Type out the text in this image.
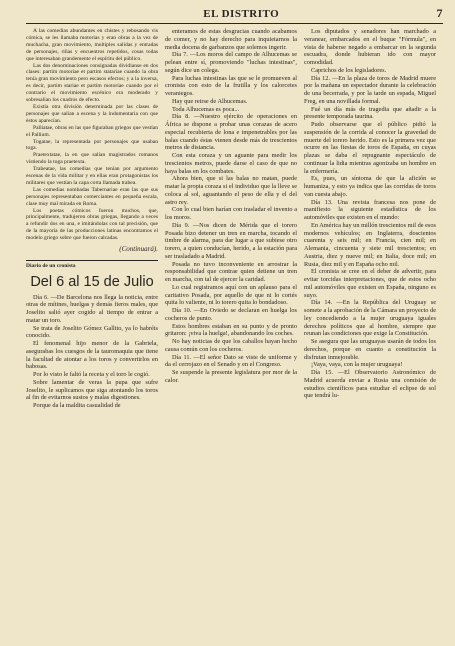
EL DISTRITO	7

A las comedias abundantes en chistes y rebosando vis cómica, se les llamaba motorias y eran obras a la vez de muchacha, gran movimiento, multiples salidas y entradas de personajes, riñas y encuentros repetidos, cosas todas que interesaban grandemente el espíritu del público.

Las dos denominaciones consignadas dividianse en dos clases: partim motoriae et partim statariae cuando la obra tenía gran movimiento pero escasos efectos; y a la inversa, es decir, partim stariae et partim motoriae cuando por el contrario el movimiento escénico era moderado y sobresalían los cuadros de efecto.

Existía otra división determinada por las clases de personajes que salían a escena y la indumentaria con que éstos aparecían.

Palliatae, obras en las que figuraban griegos que vestían el Pallium.

Togatae, la representada por personajes que usaban toga.

Praetextatae, la en que salían magistrados romanos vistiendo la toga praetexta.

Trabeatae, las comedias que tenían por argumento escenas de la vida militar y en ellas eran protagonistas los militares que vestían la capa corta llamada trabea.

Las comedias nombadas Tabernariae eran las que sus personajes representaban comerciantes en pequeña escala, clase muy mal mirada en Roma.

Los poetas cómicos fueron muchos, que, principalmente, tradujeron obras griegas, llegando a veces a refundir dos en una, e imitándolas con tal precisión, que de la mayoría de las producciones latinas encontramos el modelo griego sobre que fueron calcadas.

(Continuará).
Diario de un cronista
Del 6 al 15 de Julio

Día 6. —De Barcelona nos llega la noticia, entre otras de mítines, huelgas y demás fieros males, que Joselito salió ayer cogido al tiempo de entrar a matar un toro.

Se trata de Joselito Gómez Gallito, ya lo habréis conocido.

El fenomenal hijo menor de la Gabriela, asegurabas los cuesgos de la tauromaquia que tiene la facultad de atontar a los toros y convertirlos en babosas.

Por lo visto le faltó la receta y el toro le cogió.

Sobre lamentar de veras la pupa que sufre Joselito, le suplicamos que siga atontando los toros al fin de evitarnos sustos y malas digestiones.

Porque da la maldita casualidad de

enteramos de estas desgracias cuando acabamos de comer, y no hay derecho para inquietarnos la media docena de garbanzos que solemos ingerir.

Día 7. —Los moros del campo de Alhucemas se pelean entre sí, promoviendo "luchas intestinas", según dice un colega.

Para luchas intestinas las que se le promueven al cronista con esto de la frutilla y los calorcetes veraniegos.

Hay que reirse de Alhucemas.

Toda Alhucemas es poca...

Día 8. —Nuestro ejército de operaciones en África se dispone a probar unas corazas de acero especial recubierta de lona e impenetrables por las balas cuando éstas vienen desde más de trescientos metros de distancia.

Con esta coraza y un aguante para medir los trescientos metros, puede darse el caso de que no haya balas en los combates.

Ahora bien, que si las balas no matan, puede matar la propia coraza si el individuo que la lleve se coloca al sol, aguantando el peso de ella y el del astro rey.

Con lo cual bien harían con trasladar el invento a los moros.

Día 9. —Nos dicen de Mérida que el torero Posada bizo detener un tren en marcha, tocando el timbre de alarma, para dar lugar a que subiese otro torero, a quien conducían, herido, a la estación para ser trasladado a Madrid.

Posada no tuvo inconveniente en arrostrar la responsabilidad que contrae quien detiene un tren en marcha, con tal de ejercer la caridad.

Lo cual registramos aquí con un aplauso para el caritativo Posada, por aquello de que ni lo cortés quita lo valiente, ni lo torero quita lo bondadoso.

Día 10. —En Oviedo se declaran en huelga los cocheros de punto.

Estos hombres estaban en su punto y de pronto gritaron: ¡viva la huelga!, abandonando los coches.

No hay noticias de que los caballos hayan hecho causa común con los cocheros.

Día 11. —El señor Dato se viste de uniforme y da el cerrojazo en el Senado y en el Congreso.

Se suspende la presente legislatura por mor de la calor.

Los diputados y senadores han marchado a veranear, embarcados en el buque "Fórmula", en vista de haberse negado a embarcar en la segunda escuadra, donde hubieran ido con mayor comodidad.

Caprichos de los legisladores.

Día 12. —En la plaza de toros de Madrid muere por la mañana un espectador durante la celebración de una becerrada, y por la tarde un espada, Miguel Freg, en una novillada formal.

Fué un día más de tragedia que añadir a la presente temporada taurina.

Pudo observarse que el público pidió la suspensión de la corrida al conocer la gravedad de muerte del torero herido. Esto es la primera vez que ocurre en las fiestas de toros de España, en cuyas plazas se daba el repugnante espectáculo de continuar la lidia mientras agonizaba un hombre en la enfermería.

Es, pues, un síntoma de que la afición se humaniza, y esto ya indica que las corridas de toros van cuesta abajo.

Día 13. Una revista francesa nos pone de manifiesto la siguiente estadística de los automóviles que existen en el mundo:

En América hay un millón trescientos mil de esos modernos vehículos; en Inglaterra, doscientos cuarenta y seis mil; en Francia, cien mil; en Alemania, cincuenta y siete mil trescientos; en Austria, diez y nueve mil; en Italia, doce mil; en Rusia, diez mil y en España ocho mil.

El cronista se cree en el deber de advertir, para evitar torcidas interpretaciones, que de estos ocho mil automóviles que existen en España, ninguno es suyo.

Día 14. —En la República del Uruguay se somete a la aprobación de la Cámara un proyecto de ley concediendo a la mujer uruguaya iguales derechos políticos que al hombre, siempre que reunan las condiciones que exige la Constitución.

Se asegura que las uruguayas usarán de todos los derechos, porque en cuanto a constitución la disfrutan inmejorable.

¡Vaya, vaya, con la mujer uruguaya!

Día 15. —El Observatorio Astronómico de Madrid acuerda enviar a Rusia una comisión de estudios científicos para estudiar el eclipse de sol que tendrá lu-
